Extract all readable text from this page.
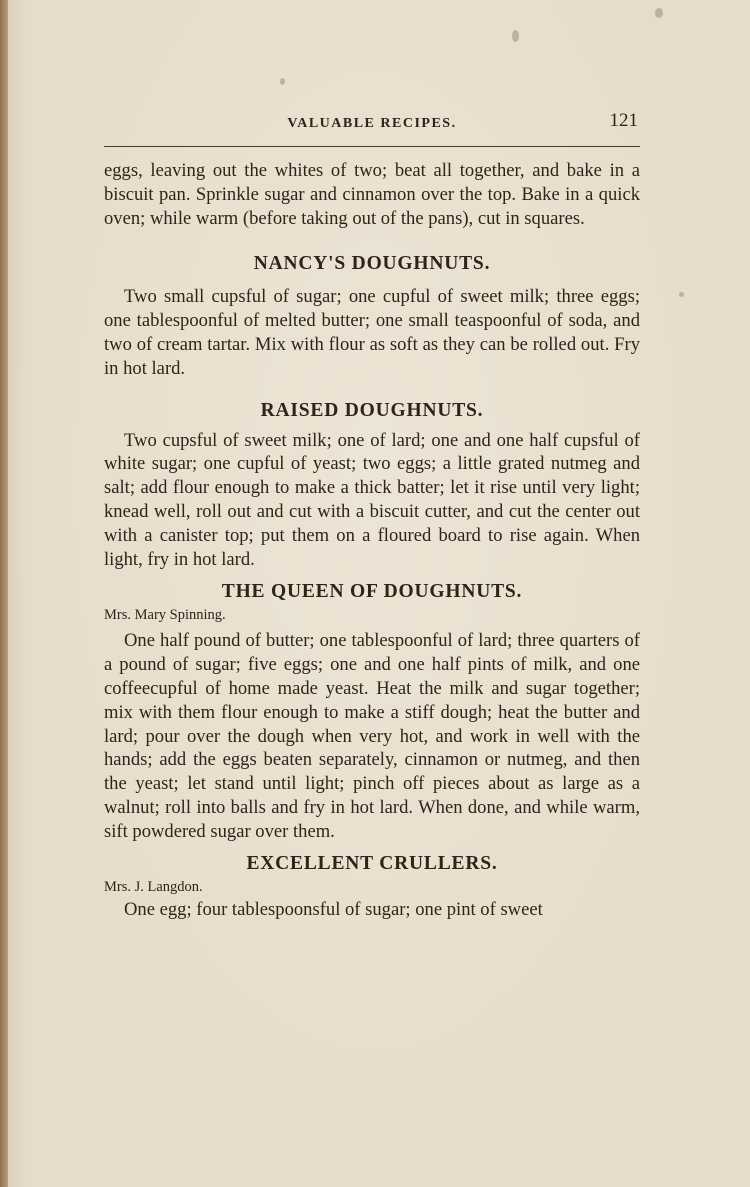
VALUABLE RECIPES.	121

eggs, leaving out the whites of two; beat all together, and bake in a biscuit pan. Sprinkle sugar and cinnamon over the top. Bake in a quick oven; while warm (before taking out of the pans), cut in squares.

NANCY'S DOUGHNUTS.

Two small cupsful of sugar; one cupful of sweet milk; three eggs; one tablespoonful of melted butter; one small teaspoonful of soda, and two of cream tartar. Mix with flour as soft as they can be rolled out. Fry in hot lard.

RAISED DOUGHNUTS.

Two cupsful of sweet milk; one of lard; one and one half cupsful of white sugar; one cupful of yeast; two eggs; a little grated nutmeg and salt; add flour enough to make a thick batter; let it rise until very light; knead well, roll out and cut with a biscuit cutter, and cut the center out with a canister top; put them on a floured board to rise again. When light, fry in hot lard.

THE QUEEN OF DOUGHNUTS.

Mrs. Mary Spinning.

One half pound of butter; one tablespoonful of lard; three quarters of a pound of sugar; five eggs; one and one half pints of milk, and one coffeecupful of home made yeast. Heat the milk and sugar together; mix with them flour enough to make a stiff dough; heat the butter and lard; pour over the dough when very hot, and work in well with the hands; add the eggs beaten separately, cinnamon or nutmeg, and then the yeast; let stand until light; pinch off pieces about as large as a walnut; roll into balls and fry in hot lard. When done, and while warm, sift powdered sugar over them.

EXCELLENT CRULLERS.

Mrs. J. Langdon.

One egg; four tablespoonsful of sugar; one pint of sweet
